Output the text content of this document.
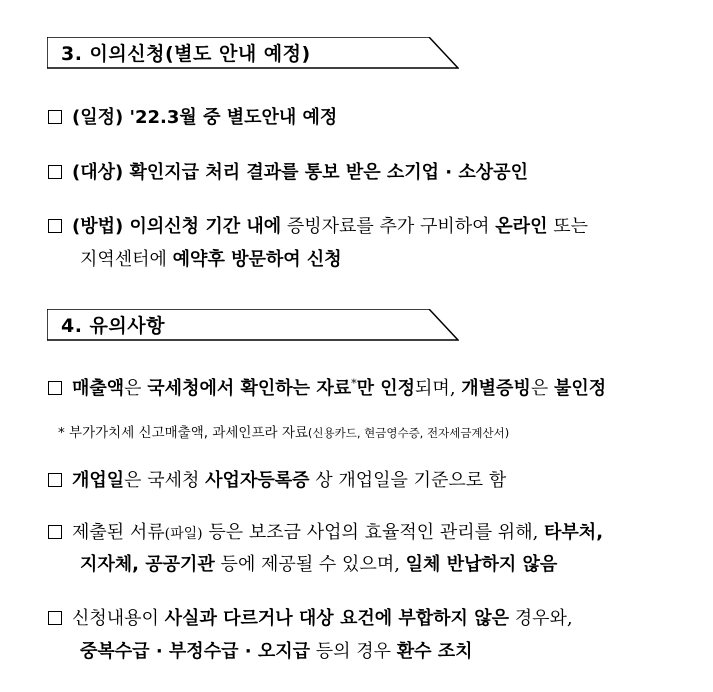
3. 이의신청(별도 안내 예정)
(일정) '22.3월 중 별도안내 예정
(대상) 확인지급 처리 결과를 통보 받은 소기업 · 소상공인
(방법) 이의신청 기간 내에 증빙자료를 추가 구비하여 온라인 또는
지역센터에 예약후 방문하여 신청
4. 유의사항
매출액은 국세청에서 확인하는 자료*만 인정되며, 개별증빙은 불인정
* 부가가치세 신고매출액, 과세인프라 자료(신용카드, 현금영수증, 전자세금계산서)
개업일은 국세청 사업자등록증 상 개업일을 기준으로 함
제출된 서류(파일) 등은 보조금 사업의 효율적인 관리를 위해, 타부처,
지자체, 공공기관 등에 제공될 수 있으며, 일체 반납하지 않음
신청내용이 사실과 다르거나 대상 요건에 부합하지 않은 경우와,
중복수급 · 부정수급 · 오지급 등의 경우 환수 조치
